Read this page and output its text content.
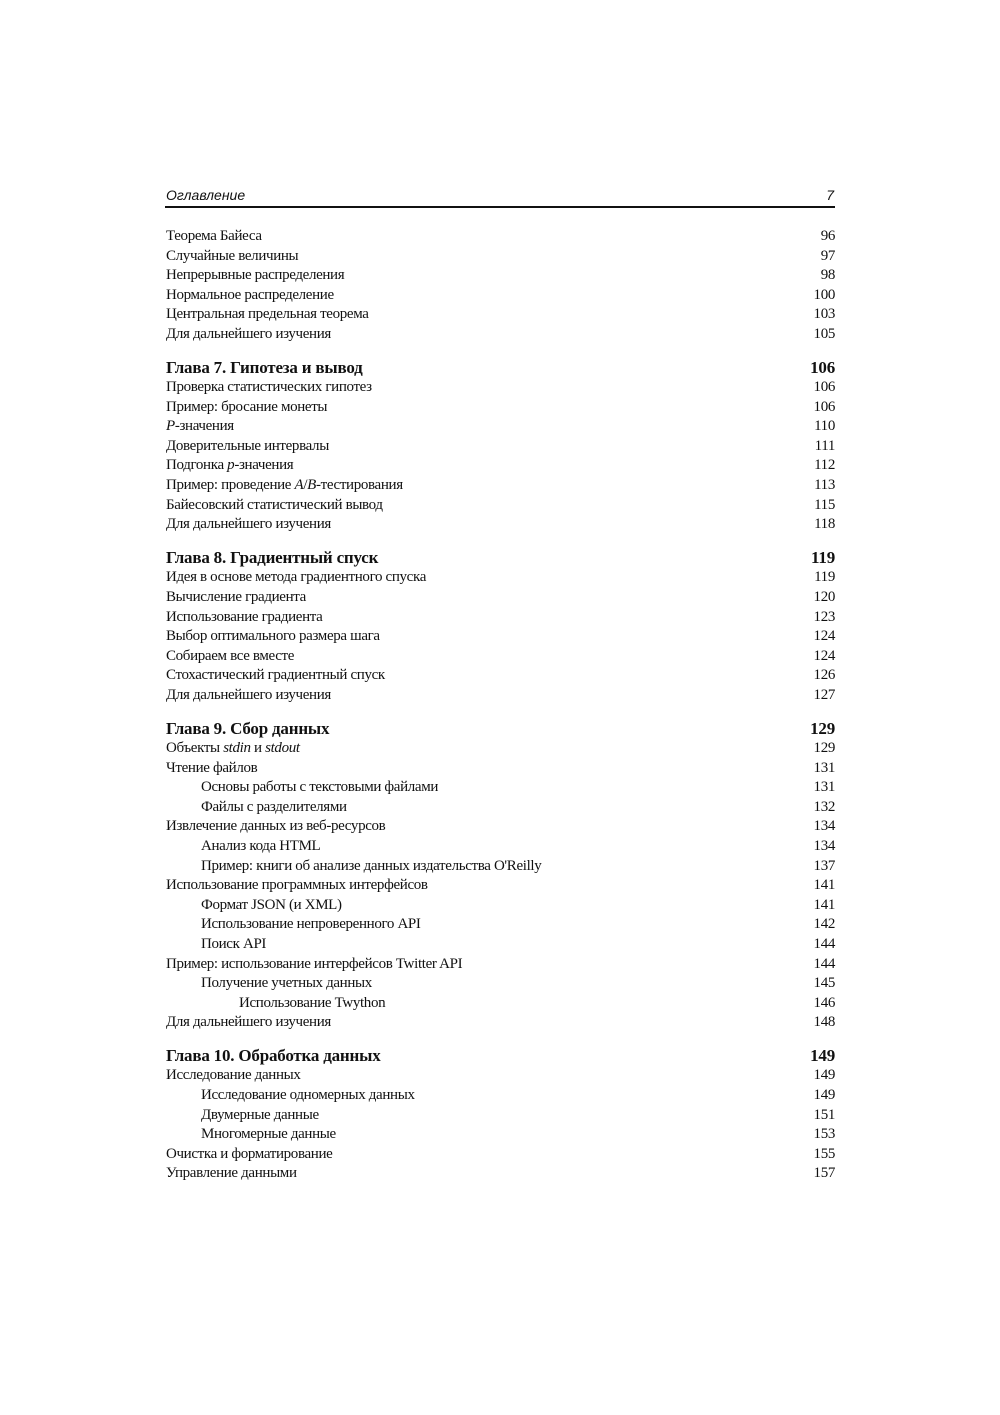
Оглавление	7
Теорема Байеса	96
Случайные величины	97
Непрерывные распределения	98
Нормальное распределение	100
Центральная предельная теорема	103
Для дальнейшего изучения	105
Глава 7. Гипотеза и вывод	106
Проверка статистических гипотез	106
Пример: бросание монеты	106
P-значения	110
Доверительные интервалы	111
Подгонка p-значения	112
Пример: проведение A/B-тестирования	113
Байесовский статистический вывод	115
Для дальнейшего изучения	118
Глава 8. Градиентный спуск	119
Идея в основе метода градиентного спуска	119
Вычисление градиента	120
Использование градиента	123
Выбор оптимального размера шага	124
Собираем все вместе	124
Стохастический градиентный спуск	126
Для дальнейшего изучения	127
Глава 9. Сбор данных	129
Объекты stdin и stdout	129
Чтение файлов	131
Основы работы с текстовыми файлами	131
Файлы с разделителями	132
Извлечение данных из веб-ресурсов	134
Анализ кода HTML	134
Пример: книги об анализе данных издательства O'Reilly	137
Использование программных интерфейсов	141
Формат JSON (и XML)	141
Использование непроверенного API	142
Поиск API	144
Пример: использование интерфейсов Twitter API	144
Получение учетных данных	145
Использование Twython	146
Для дальнейшего изучения	148
Глава 10. Обработка данных	149
Исследование данных	149
Исследование одномерных данных	149
Двумерные данные	151
Многомерные данные	153
Очистка и форматирование	155
Управление данными	157
